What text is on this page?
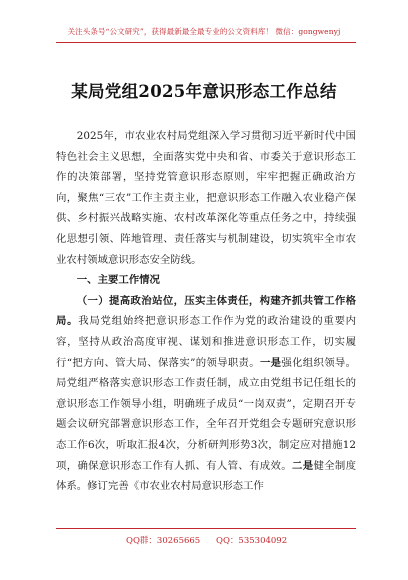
关注头条号“公文研究”，获得最新最全最专业的公文资料库！ 微信：gongwenyj
某局党组2025年意识形态工作总结

2025年，市农业农村局党组深入学习贯彻习近平新时代中国特色社会主义思想，全面落实党中央和省、市委关于意识形态工作的决策部署，坚持党管意识形态原则，牢牢把握正确政治方向，聚焦“三农”工作主责主业，把意识形态工作融入农业稳产保供、乡村振兴战略实施、农村改革深化等重点任务之中，持续强化思想引领、阵地管理、责任落实与机制建设，切实筑牢全市农业农村领域意识形态安全防线。

一、主要工作情况

（一）提高政治站位，压实主体责任，构建齐抓共管工作格局。我局党组始终把意识形态工作作为党的政治建设的重要内容，坚持从政治高度审视、谋划和推进意识形态工作，切实履行“把方向、管大局、保落实”的领导职责。一是强化组织领导。局党组严格落实意识形态工作责任制，成立由党组书记任组长的意识形态工作领导小组，明确班子成员“一岗双责”，定期召开专题会议研究部署意识形态工作，全年召开党组会专题研究意识形态工作6次，听取汇报4次，分析研判形势3次，制定应对措施12项，确保意识形态工作有人抓、有人管、有成效。二是健全制度体系。修订完善《市农业农村局意识形态工作

QQ群：30265665 QQ：535304092
